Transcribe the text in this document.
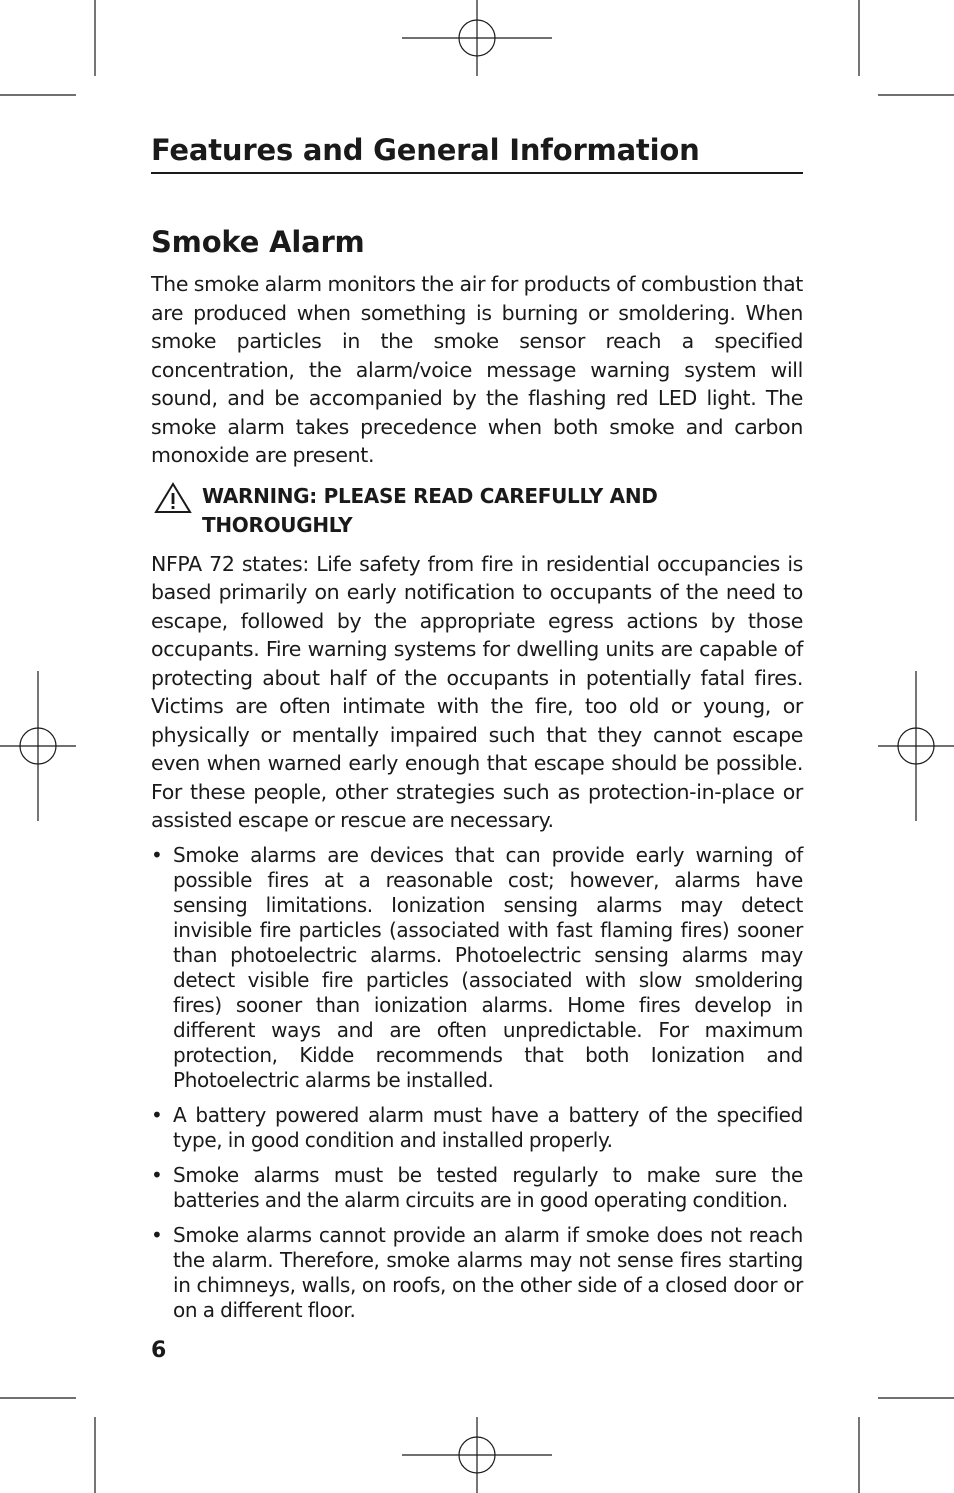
Features and General Information
Smoke Alarm

The smoke alarm monitors the air for products of combustion that are produced when something is burning or smoldering. When smoke particles in the smoke sensor reach a specified concentration, the alarm/voice message warning system will sound, and be accompanied by the flashing red LED light. The smoke alarm takes precedence when both smoke and carbon monoxide are present.

WARNING: PLEASE READ CAREFULLY AND THOROUGHLY

NFPA 72 states: Life safety from fire in residential occupancies is based primarily on early notification to occupants of the need to escape, followed by the appropriate egress actions by those occupants. Fire warning systems for dwelling units are capable of protecting about half of the occupants in potentially fatal fires. Victims are often intimate with the fire, too old or young, or physically or mentally impaired such that they cannot escape even when warned early enough that escape should be possible. For these people, other strategies such as protection-in-place or assisted escape or rescue are necessary.

• Smoke alarms are devices that can provide early warning of possible fires at a reasonable cost; however, alarms have sensing limitations. Ionization sensing alarms may detect invisible fire particles (associated with fast flaming fires) sooner than photoelectric alarms. Photoelectric sensing alarms may detect visible fire particles (associated with slow smoldering fires) sooner than ionization alarms. Home fires develop in different ways and are often unpredictable. For maximum protection, Kidde recommends that both Ionization and Photoelectric alarms be installed.
• A battery powered alarm must have a battery of the specified type, in good condition and installed properly.
• Smoke alarms must be tested regularly to make sure the batteries and the alarm circuits are in good operating condition.
• Smoke alarms cannot provide an alarm if smoke does not reach the alarm. Therefore, smoke alarms may not sense fires starting in chimneys, walls, on roofs, on the other side of a closed door or on a different floor.
6
